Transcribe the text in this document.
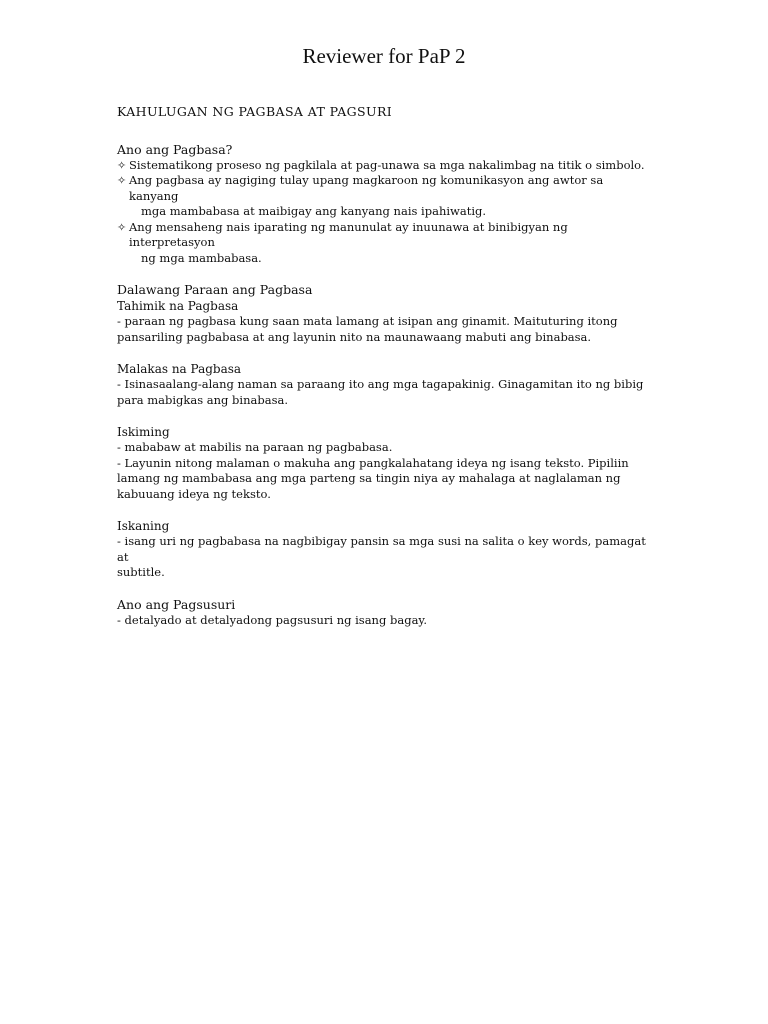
Reviewer for PaP 2
KAHULUGAN NG PAGBASA AT PAGSURI
Ano ang Pagbasa?
✧ Sistematikong proseso ng pagkilala at pag-unawa sa mga nakalimbag na titik o simbolo.
✧ Ang pagbasa ay nagiging tulay upang magkaroon ng komunikasyon ang awtor sa kanyang
mga mambabasa at maibigay ang kanyang nais ipahiwatig.
✧ Ang mensaheng nais iparating ng manunulat ay inuunawa at binibigyan ng interpretasyon
ng mga mambabasa.
Dalawang Paraan ang Pagbasa
Tahimik na Pagbasa
- paraan ng pagbasa kung saan mata lamang at isipan ang ginamit. Maituturing itong
pansariling pagbabasa at ang layunin nito na maunawaang mabuti ang binabasa.
Malakas na Pagbasa
- Isinasaalang-alang naman sa paraang ito ang mga tagapakinig. Ginagamitan ito ng bibig
para mabigkas ang binabasa.
Iskiming
- mababaw at mabilis na paraan ng pagbabasa.
- Layunin nitong malaman o makuha ang pangkalahatang ideya ng isang teksto. Pipiliin
lamang ng mambabasa ang mga parteng sa tingin niya ay mahalaga at naglalaman ng
kabuuang ideya ng teksto.
Iskaning
- isang uri ng pagbabasa na nagbibigay pansin sa mga susi na salita o key words, pamagat at
subtitle.
Ano ang Pagsusuri
- detalyado at detalyadong pagsusuri ng isang bagay.
